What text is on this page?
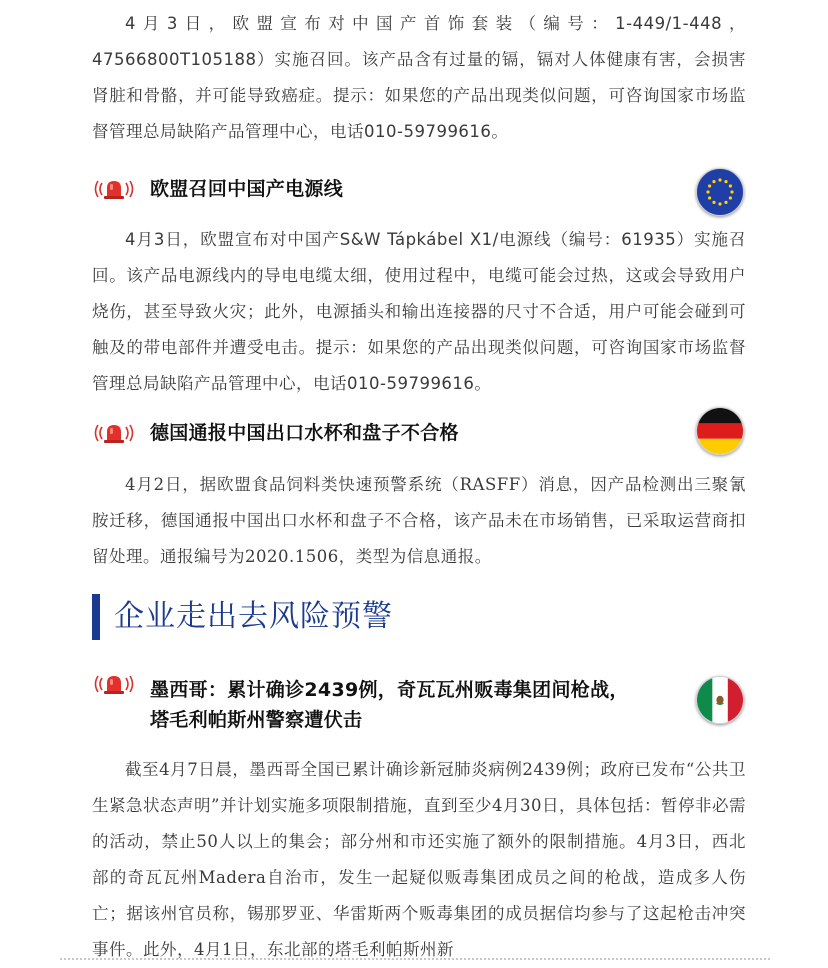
4月3日，欧盟宣布对中国产首饰套装（编号：1-449/1-448，47566800T105188）实施召回。该产品含有过量的镉，镉对人体健康有害，会损害肾脏和骨骼，并可能导致癌症。提示：如果您的产品出现类似问题，可咨询国家市场监督管理总局缺陷产品管理中心，电话010-59799616。

欧盟召回中国产电源线

4月3日，欧盟宣布对中国产S&W Tápkábel X1/电源线（编号：61935）实施召回。该产品电源线内的导电电缆太细，使用过程中，电缆可能会过热，这或会导致用户烧伤，甚至导致火灾；此外，电源插头和输出连接器的尺寸不合适，用户可能会碰到可触及的带电部件并遭受电击。提示：如果您的产品出现类似问题，可咨询国家市场监督管理总局缺陷产品管理中心，电话010-59799616。

德国通报中国出口水杯和盘子不合格

4月2日，据欧盟食品饲料类快速预警系统（RASFF）消息，因产品检测出三聚氰胺迁移，德国通报中国出口水杯和盘子不合格，该产品未在市场销售，已采取运营商扣留处理。通报编号为2020.1506，类型为信息通报。

企业走出去风险预警
墨西哥：累计确诊2439例，奇瓦瓦州贩毒集团间枪战，
塔毛利帕斯州警察遭伏击

截至4月7日晨，墨西哥全国已累计确诊新冠肺炎病例2439例；政府已发布“公共卫生紧急状态声明”并计划实施多项限制措施，直到至少4月30日，具体包括：暂停非必需的活动，禁止50人以上的集会；部分州和市还实施了额外的限制措施。4月3日，西北部的奇瓦瓦州Madera自治市，发生一起疑似贩毒集团成员之间的枪战，造成多人伤亡；据该州官员称，锡那罗亚、华雷斯两个贩毒集团的成员据信均参与了这起枪击冲突事件。此外，4月1日，东北部的塔毛利帕斯州新
